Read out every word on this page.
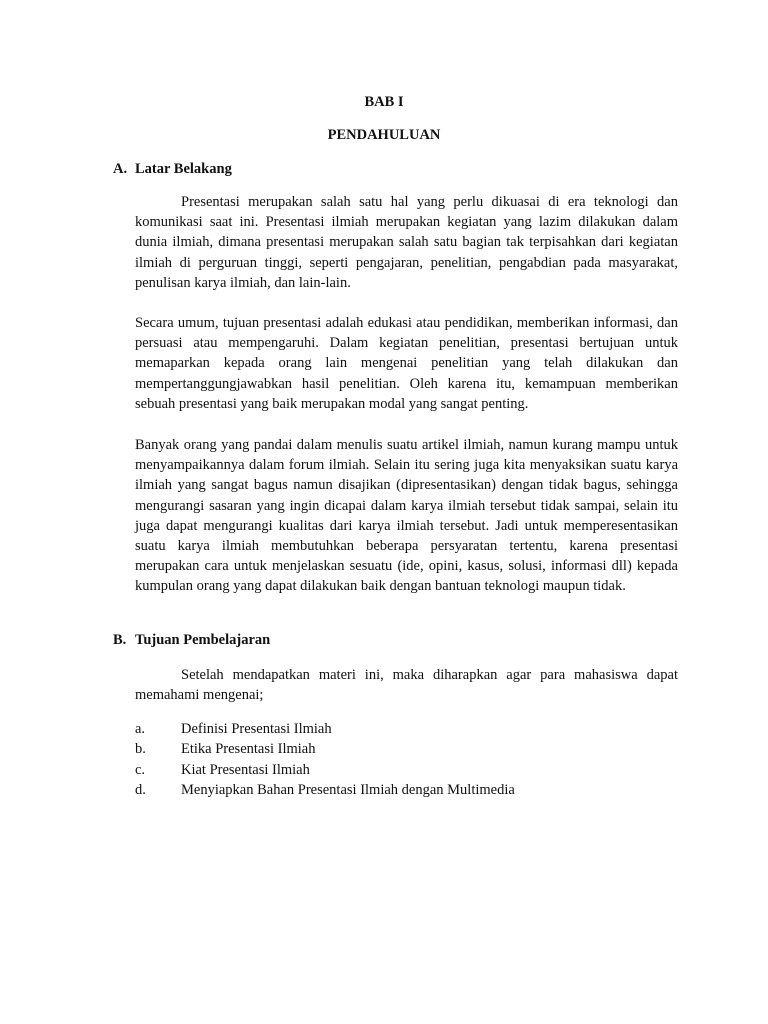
BAB I
PENDAHULUAN
A. Latar Belakang

Presentasi merupakan salah satu hal yang perlu dikuasai di era teknologi dan komunikasi saat ini. Presentasi ilmiah merupakan kegiatan yang lazim dilakukan dalam dunia ilmiah, dimana presentasi merupakan salah satu bagian tak terpisahkan dari kegiatan ilmiah di perguruan tinggi, seperti pengajaran, penelitian, pengabdian pada masyarakat, penulisan karya ilmiah, dan lain-lain.

Secara umum, tujuan presentasi adalah edukasi atau pendidikan, memberikan informasi, dan persuasi atau mempengaruhi. Dalam kegiatan penelitian, presentasi bertujuan untuk memaparkan kepada orang lain mengenai penelitian yang telah dilakukan dan mempertanggungjawabkan hasil penelitian. Oleh karena itu, kemampuan memberikan sebuah presentasi yang baik merupakan modal yang sangat penting.

Banyak orang yang pandai dalam menulis suatu artikel ilmiah, namun kurang mampu untuk menyampaikannya dalam forum ilmiah. Selain itu sering juga kita menyaksikan suatu karya ilmiah yang sangat bagus namun disajikan (dipresentasikan) dengan tidak bagus, sehingga mengurangi sasaran yang ingin dicapai dalam karya ilmiah tersebut tidak sampai, selain itu juga dapat mengurangi kualitas dari karya ilmiah tersebut. Jadi untuk memperesentasikan suatu karya ilmiah membutuhkan beberapa persyaratan tertentu, karena presentasi merupakan cara untuk menjelaskan sesuatu (ide, opini, kasus, solusi, informasi dll) kepada kumpulan orang yang dapat dilakukan baik dengan bantuan teknologi maupun tidak.

B. Tujuan Pembelajaran

Setelah mendapatkan materi ini, maka diharapkan agar para mahasiswa dapat memahami mengenai;

a.	Definisi Presentasi Ilmiah
b.	Etika Presentasi Ilmiah
c.	Kiat Presentasi Ilmiah
d.	Menyiapkan Bahan Presentasi Ilmiah dengan Multimedia
